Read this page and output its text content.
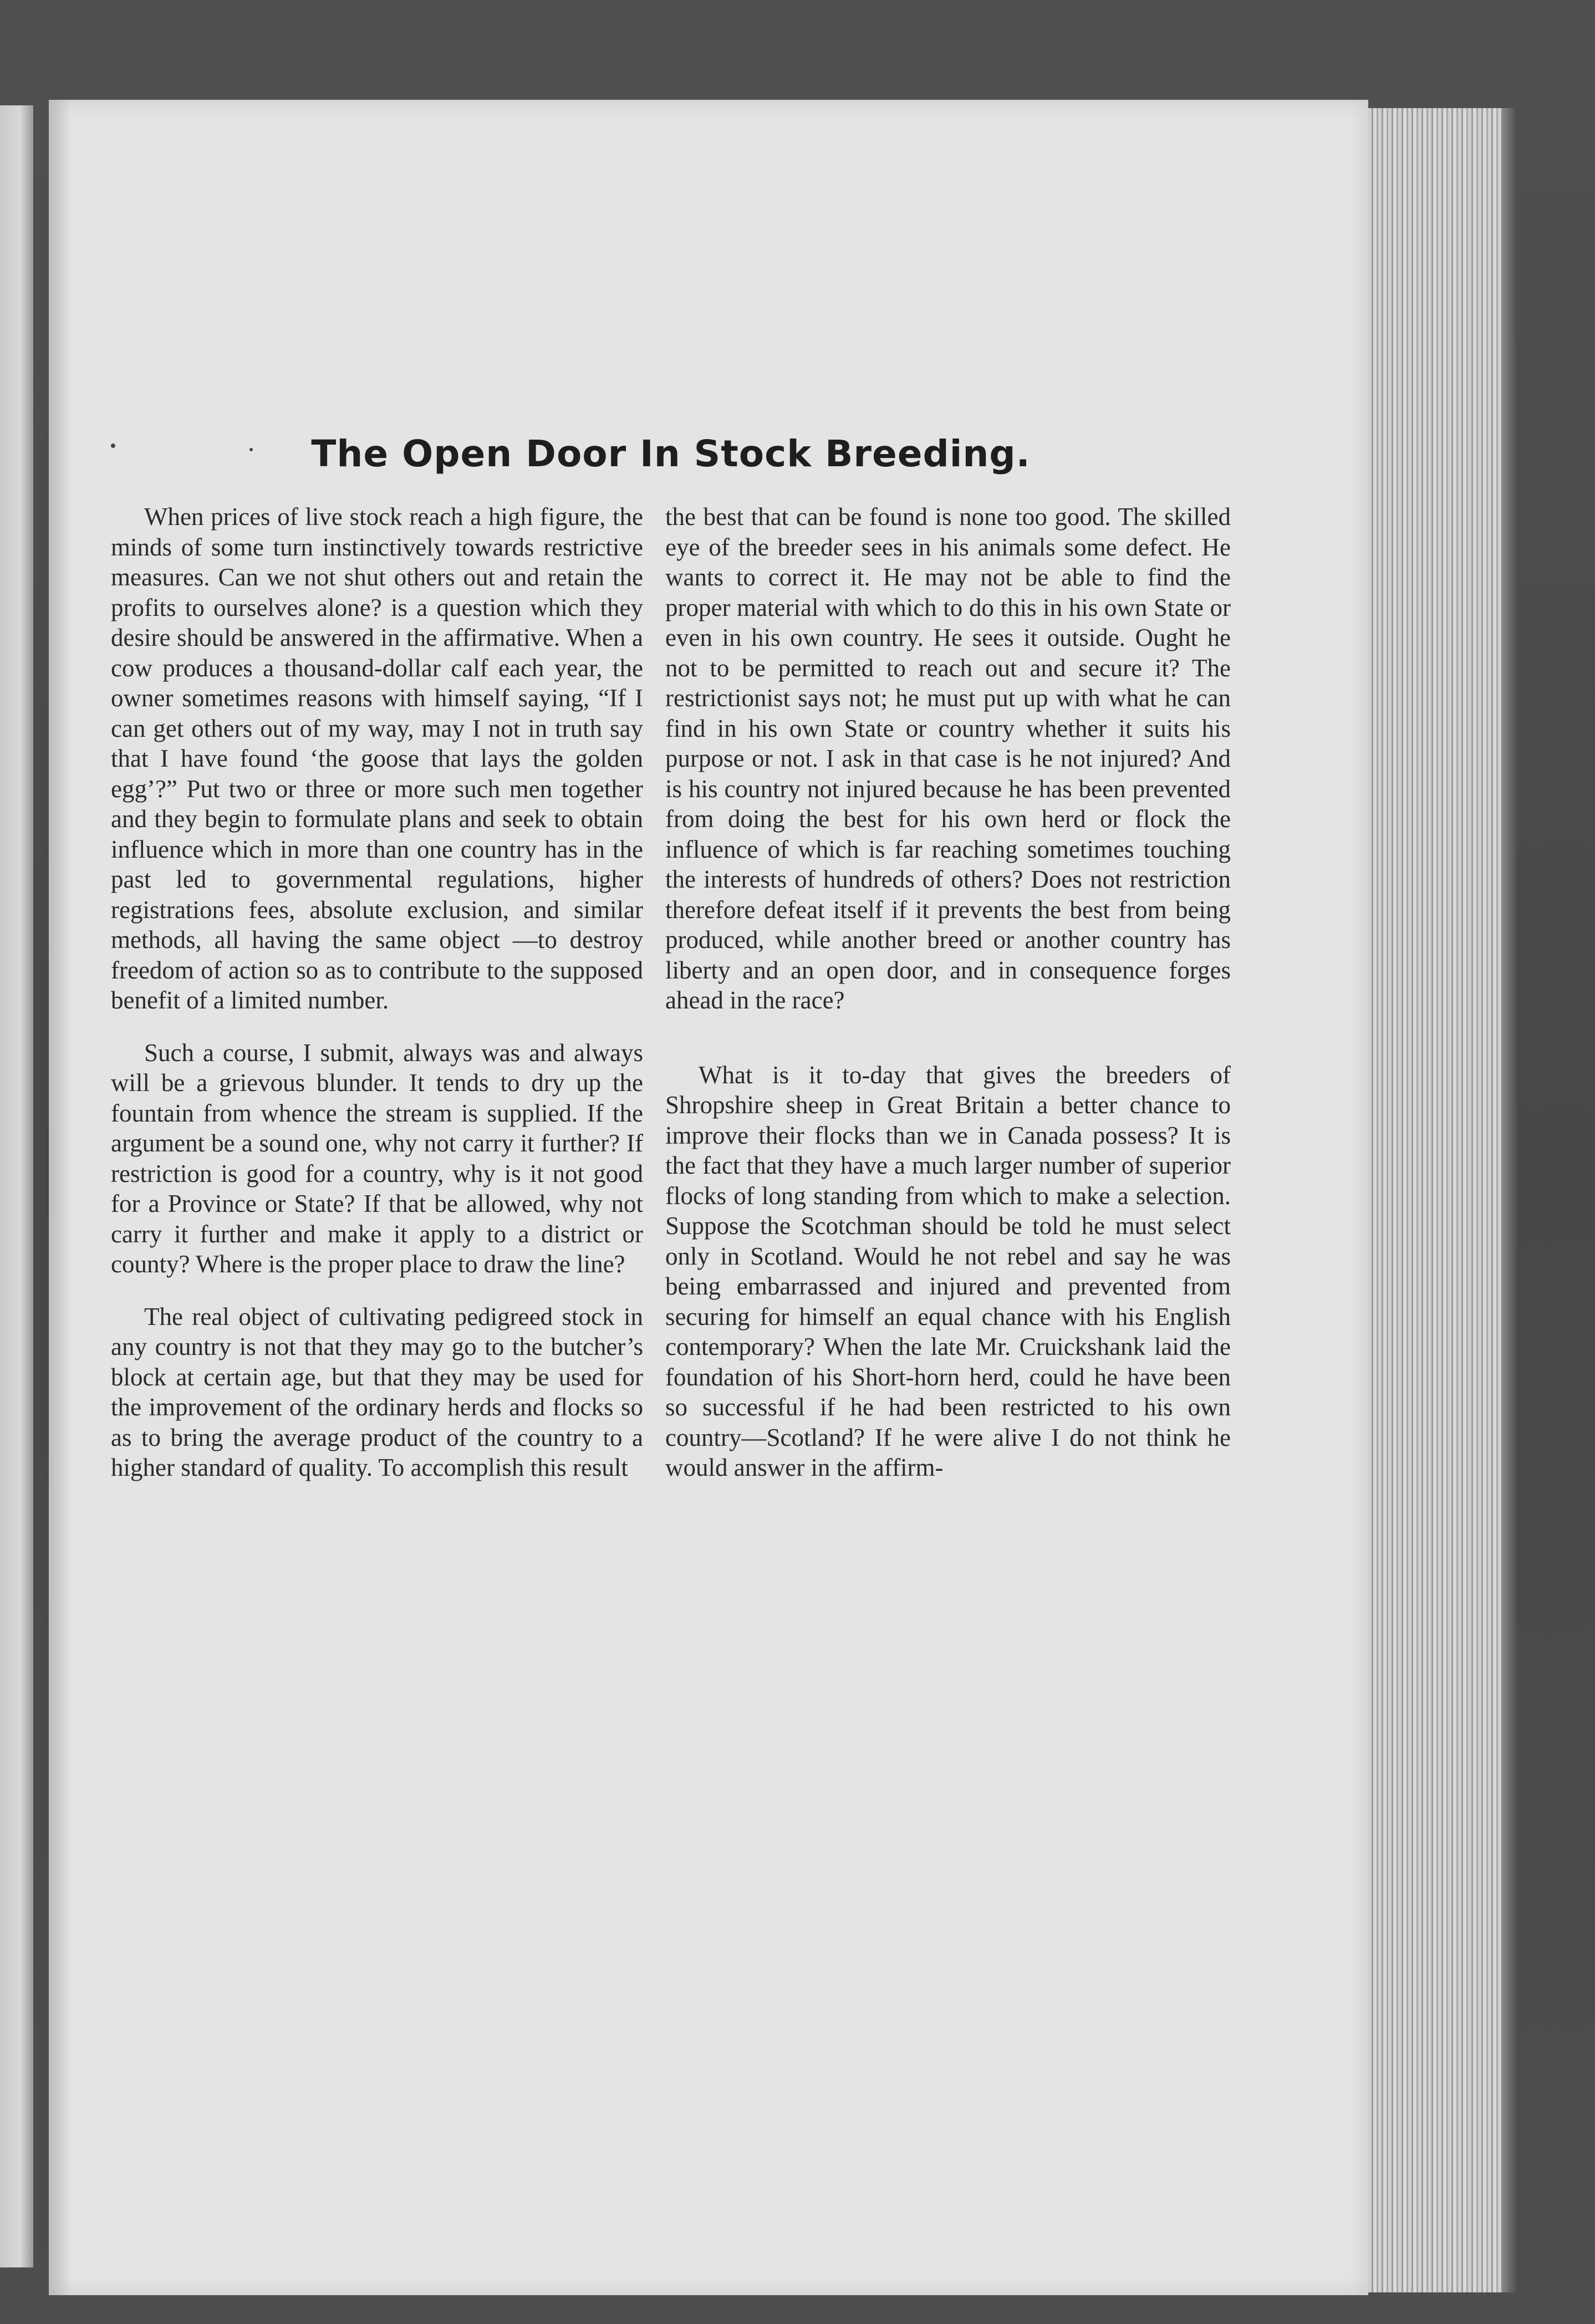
The Open Door In Stock Breeding.

When prices of live stock reach a high figure, the minds of some turn instinctively towards restrictive measures. Can we not shut others out and retain the profits to ourselves alone? is a question which they desire should be answered in the affirmative. When a cow produces a thousand-dollar calf each year, the owner sometimes reasons with himself saying, “If I can get others out of my way, may I not in truth say that I have found ‘the goose that lays the golden egg’?” Put two or three or more such men together and they begin to formulate plans and seek to obtain influence which in more than one country has in the past led to governmental regulations, higher registrations fees, absolute exclusion, and similar methods, all having the same object —to destroy freedom of action so as to contribute to the supposed benefit of a limited number.

Such a course, I submit, always was and always will be a grievous blunder. It tends to dry up the fountain from whence the stream is supplied. If the argument be a sound one, why not carry it further? If restriction is good for a country, why is it not good for a Province or State? If that be allowed, why not carry it further and make it apply to a district or county? Where is the proper place to draw the line?

The real object of cultivating pedigreed stock in any country is not that they may go to the butcher’s block at certain age, but that they may be used for the improvement of the ordinary herds and flocks so as to bring the average product of the country to a higher standard of quality. To accomplish this result

the best that can be found is none too good. The skilled eye of the breeder sees in his animals some defect. He wants to correct it. He may not be able to find the proper material with which to do this in his own State or even in his own country. He sees it outside. Ought he not to be permitted to reach out and secure it? The restrictionist says not; he must put up with what he can find in his own State or country whether it suits his purpose or not. I ask in that case is he not injured? And is his country not injured because he has been prevented from doing the best for his own herd or flock the influence of which is far reaching sometimes touching the interests of hundreds of others? Does not restriction therefore defeat itself if it prevents the best from being produced, while another breed or another country has liberty and an open door, and in consequence forges ahead in the race?

What is it to-day that gives the breeders of Shropshire sheep in Great Britain a better chance to improve their flocks than we in Canada possess? It is the fact that they have a much larger number of superior flocks of long standing from which to make a selection. Suppose the Scotchman should be told he must select only in Scotland. Would he not rebel and say he was being embarrassed and injured and prevented from securing for himself an equal chance with his English contemporary? When the late Mr. Cruickshank laid the foundation of his Short-horn herd, could he have been so successful if he had been restricted to his own country—Scotland? If he were alive I do not think he would answer in the affirm-
